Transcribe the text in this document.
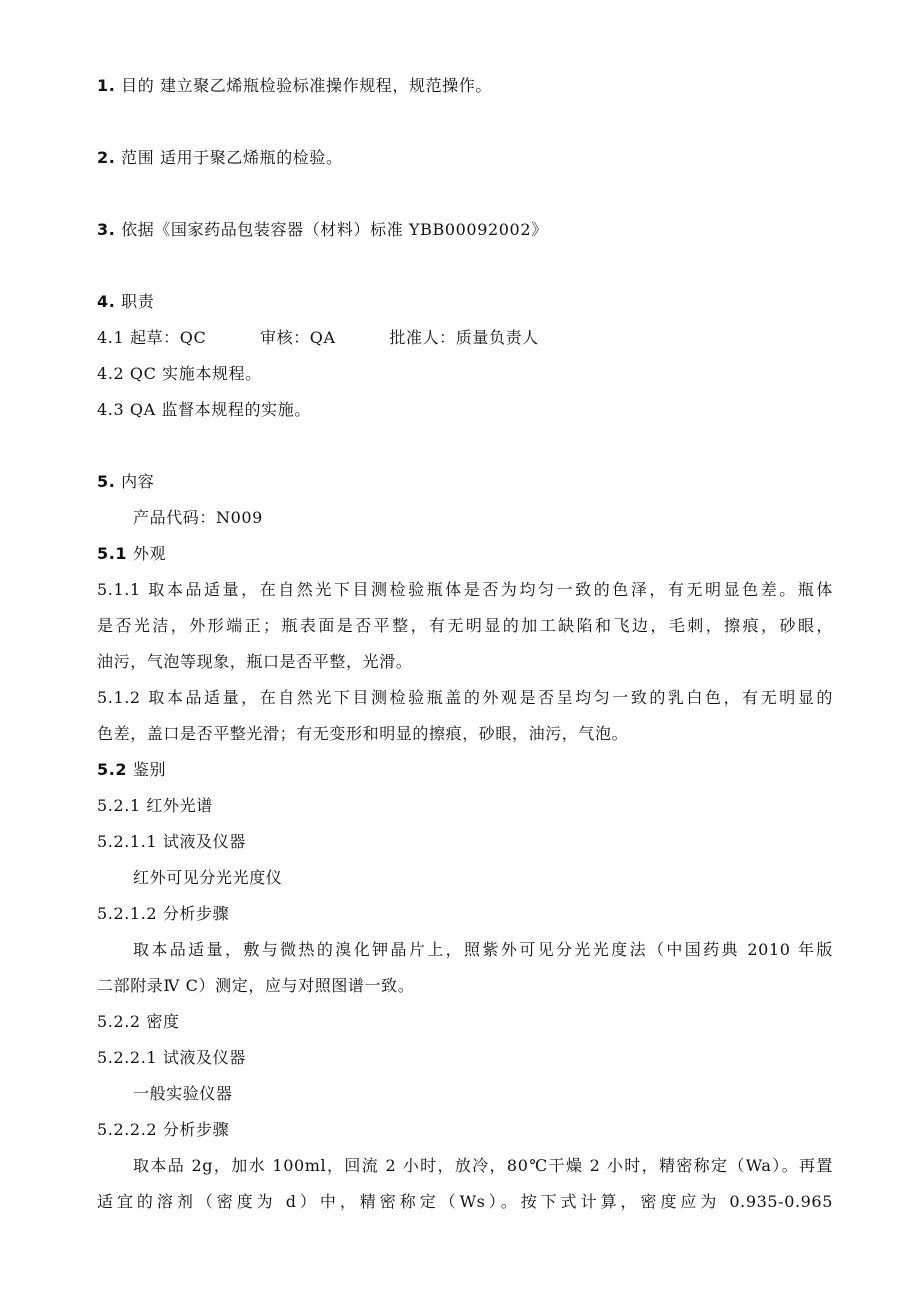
1. 目的 建立聚乙烯瓶检验标准操作规程，规范操作。
2. 范围 适用于聚乙烯瓶的检验。
3. 依据《国家药品包装容器（材料）标准 YBB00092002》
4. 职责
4.1 起草：QC	审核：QA	批准人：质量负责人
4.2 QC 实施本规程。
4.3 QA 监督本规程的实施。
5. 内容
产品代码：N009
5.1 外观
5.1.1 取本品适量，在自然光下目测检验瓶体是否为均匀一致的色泽，有无明显色差。瓶体
是否光洁，外形端正；瓶表面是否平整，有无明显的加工缺陷和飞边，毛刺，擦痕，砂眼，
油污，气泡等现象，瓶口是否平整，光滑。
5.1.2 取本品适量，在自然光下目测检验瓶盖的外观是否呈均匀一致的乳白色，有无明显的
色差，盖口是否平整光滑；有无变形和明显的擦痕，砂眼，油污，气泡。
5.2 鉴别
5.2.1 红外光谱
5.2.1.1 试液及仪器
红外可见分光光度仪
5.2.1.2 分析步骤
取本品适量，敷与微热的溴化钾晶片上，照紫外可见分光光度法（中国药典 2010 年版
二部附录Ⅳ C）测定，应与对照图谱一致。
5.2.2 密度
5.2.2.1 试液及仪器
一般实验仪器
5.2.2.2 分析步骤
取本品 2g，加水 100ml，回流 2 小时，放冷，80℃干燥 2 小时，精密称定（Wa）。再置
适宜的溶剂（密度为 d）中，精密称定（Ws）。按下式计算，密度应为 0.935-0.965
